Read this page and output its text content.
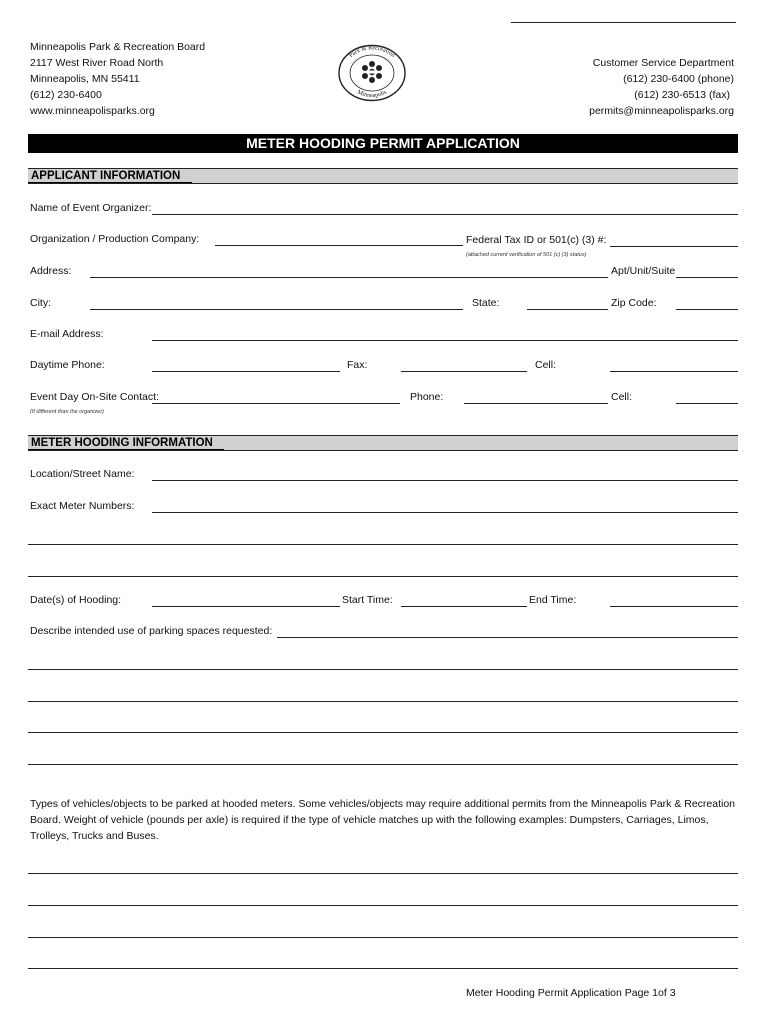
Minneapolis Park & Recreation Board
2117 West River Road North
Minneapolis, MN 55411
(612) 230-6400
www.minneapolisparks.org
Park & Recreation
Minneapolis
Customer Service Department
(612) 230-6400 (phone)
(612) 230-6513 (fax)
permits@minneapolisparks.org
METER HOODING PERMIT APPLICATION
APPLICANT INFORMATION
Name of Event Organizer:
Organization / Production Company:	Federal Tax ID or 501(c) (3) #:
(attached current verification of 501 (c) (3) status)
Address:	Apt/Unit/Suite
City:	State:	Zip Code:
E-mail Address:
Daytime Phone:	Fax:	Cell:
Event Day On-Site Contact:	Phone:	Cell:
(If different than the organizer)
METER HOODING INFORMATION
Location/Street Name:
Exact Meter Numbers:
Date(s) of Hooding:	Start Time:	End Time:
Describe intended use of parking spaces requested:
Types of vehicles/objects to be parked at hooded meters. Some vehicles/objects may require additional permits from the Minneapolis Park & Recreation Board. Weight of vehicle (pounds per axle) is required if the type of vehicle matches up with the following examples: Dumpsters, Carriages, Limos, Trolleys, Trucks and Buses.
Meter Hooding Permit Application Page 1of 3
